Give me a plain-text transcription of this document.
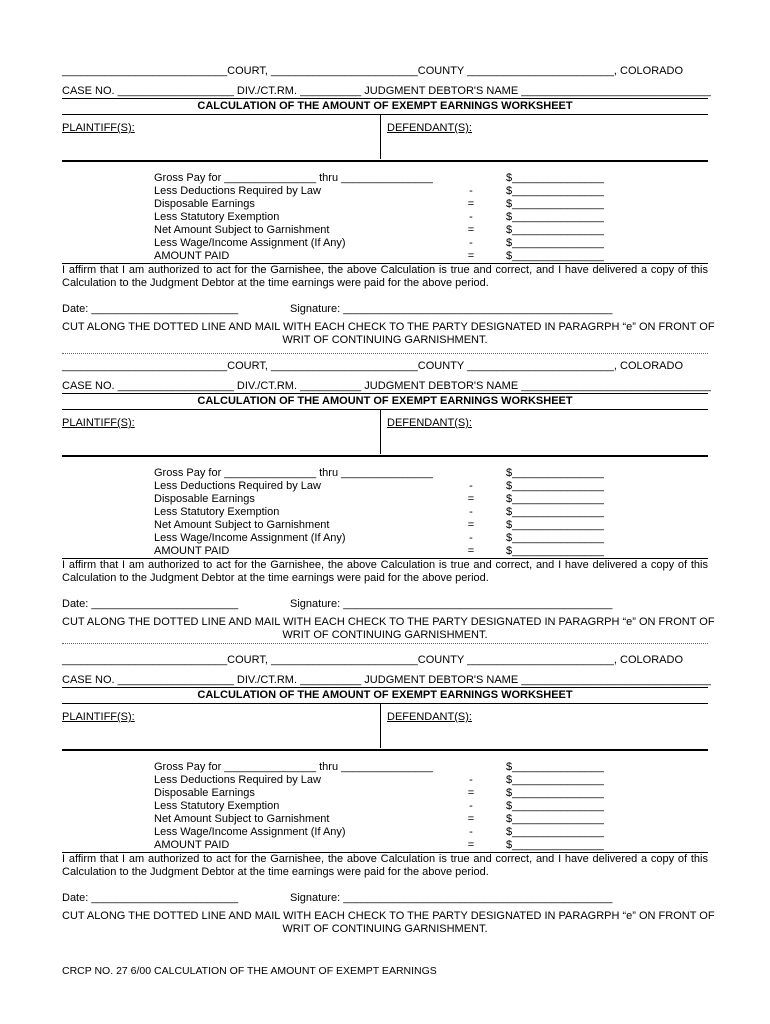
___________________________COURT, ________________________COUNTY ________________________, COLORADO
CASE NO. ___________________ DIV./CT.RM. __________ JUDGMENT DEBTOR'S NAME _______________________________
CALCULATION OF THE AMOUNT OF EXEMPT EARNINGS WORKSHEET
PLAINTIFF(S):	DEFENDANT(S):
Gross Pay for _______________ thru _______________	$_______________
Less Deductions Required by Law	-	$_______________
Disposable Earnings	=	$_______________
Less Statutory Exemption	-	$_______________
Net Amount Subject to Garnishment	=	$_______________
Less Wage/Income Assignment (If Any)	-	$_______________
AMOUNT PAID	=	$_______________
I affirm that I am authorized to act for the Garnishee, the above Calculation is true and correct, and I have delivered a copy of this Calculation to the Judgment Debtor at the time earnings were paid for the above period.
Date: ________________________	Signature: ____________________________________________
CUT ALONG THE DOTTED LINE AND MAIL WITH EACH CHECK TO THE PARTY DESIGNATED IN PARAGRPH “e” ON FRONT OF
WRIT OF CONTINUING GARNISHMENT.
___________________________COURT, ________________________COUNTY ________________________, COLORADO
CASE NO. ___________________ DIV./CT.RM. __________ JUDGMENT DEBTOR'S NAME _______________________________
CALCULATION OF THE AMOUNT OF EXEMPT EARNINGS WORKSHEET
PLAINTIFF(S):	DEFENDANT(S):
Gross Pay for _______________ thru _______________	$_______________
Less Deductions Required by Law	-	$_______________
Disposable Earnings	=	$_______________
Less Statutory Exemption	-	$_______________
Net Amount Subject to Garnishment	=	$_______________
Less Wage/Income Assignment (If Any)	-	$_______________
AMOUNT PAID	=	$_______________
I affirm that I am authorized to act for the Garnishee, the above Calculation is true and correct, and I have delivered a copy of this Calculation to the Judgment Debtor at the time earnings were paid for the above period.
Date: ________________________	Signature: ____________________________________________
CUT ALONG THE DOTTED LINE AND MAIL WITH EACH CHECK TO THE PARTY DESIGNATED IN PARAGRPH “e” ON FRONT OF
WRIT OF CONTINUING GARNISHMENT.
___________________________COURT, ________________________COUNTY ________________________, COLORADO
CASE NO. ___________________ DIV./CT.RM. __________ JUDGMENT DEBTOR'S NAME _______________________________
CALCULATION OF THE AMOUNT OF EXEMPT EARNINGS WORKSHEET
PLAINTIFF(S):	DEFENDANT(S):
Gross Pay for _______________ thru _______________	$_______________
Less Deductions Required by Law	-	$_______________
Disposable Earnings	=	$_______________
Less Statutory Exemption	-	$_______________
Net Amount Subject to Garnishment	=	$_______________
Less Wage/Income Assignment (If Any)	-	$_______________
AMOUNT PAID	=	$_______________
I affirm that I am authorized to act for the Garnishee, the above Calculation is true and correct, and I have delivered a copy of this Calculation to the Judgment Debtor at the time earnings were paid for the above period.
Date: ________________________	Signature: ____________________________________________
CUT ALONG THE DOTTED LINE AND MAIL WITH EACH CHECK TO THE PARTY DESIGNATED IN PARAGRPH “e” ON FRONT OF
WRIT OF CONTINUING GARNISHMENT.
CRCP NO. 27 6/00 CALCULATION OF THE AMOUNT OF EXEMPT EARNINGS
